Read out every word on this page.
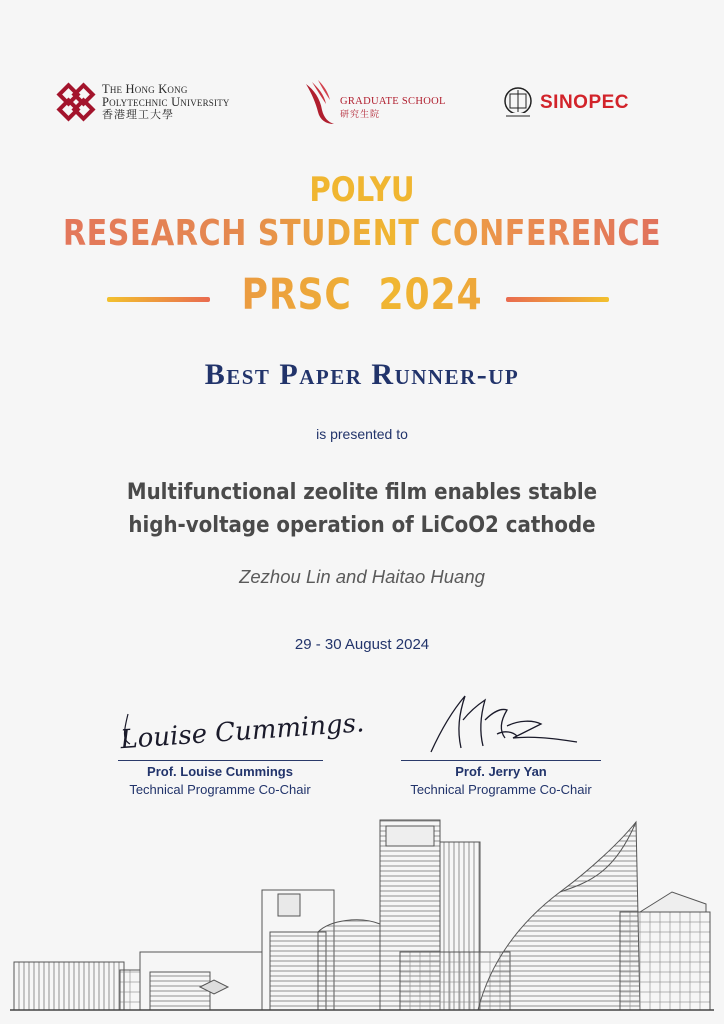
The Hong Kong
Polytechnic University
香港理工大學
GRADUATE SCHOOL
研究生院
SINOPEC
POLYU
RESEARCH STUDENT CONFERENCE
PRSC  2024
Best Paper Runner-up
is presented to
Multifunctional zeolite film enables stable
high-voltage operation of LiCoO2 cathode
Zezhou Lin and Haitao Huang
29 - 30 August 2024
Louise Cummings.
Prof. Louise Cummings
Technical Programme Co-Chair
Prof. Jerry Yan
Technical Programme Co-Chair
